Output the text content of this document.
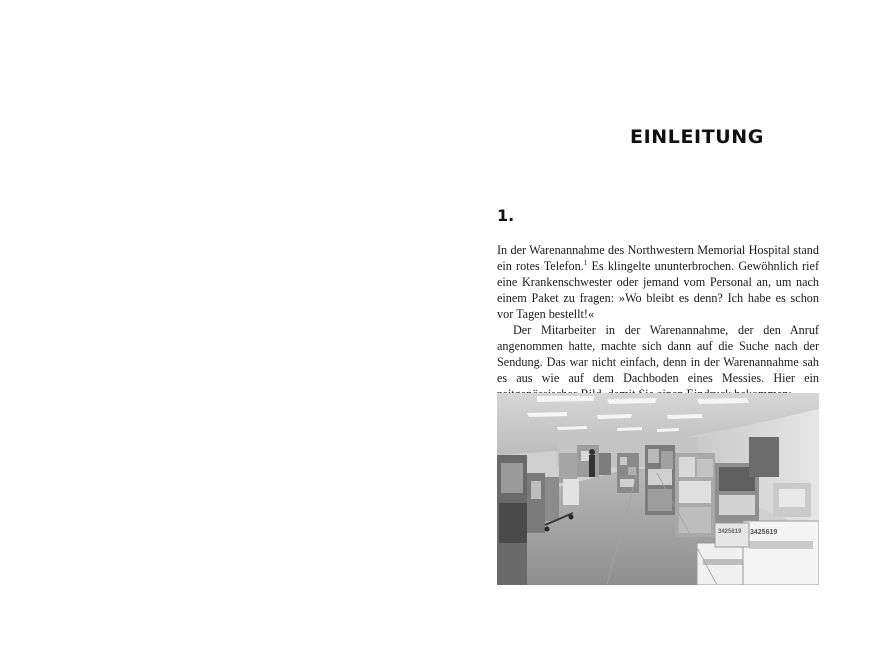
EINLEITUNG
1.

In der Warenannahme des Northwestern Memorial Hospital stand ein rotes Telefon.$^1$ Es klingelte ununterbrochen. Gewöhnlich rief eine Krankenschwester oder jemand vom Personal an, um nach einem Paket zu fragen: »Wo bleibt es denn? Ich habe es schon vor Tagen bestellt!«

Der Mitarbeiter in der Warenannahme, der den Anruf angenommen hatte, machte sich dann auf die Suche nach der Sendung. Das war nicht einfach, denn in der Warenannahme sah es aus wie auf dem Dachboden eines Messies. Hier ein

3425619
3425619
